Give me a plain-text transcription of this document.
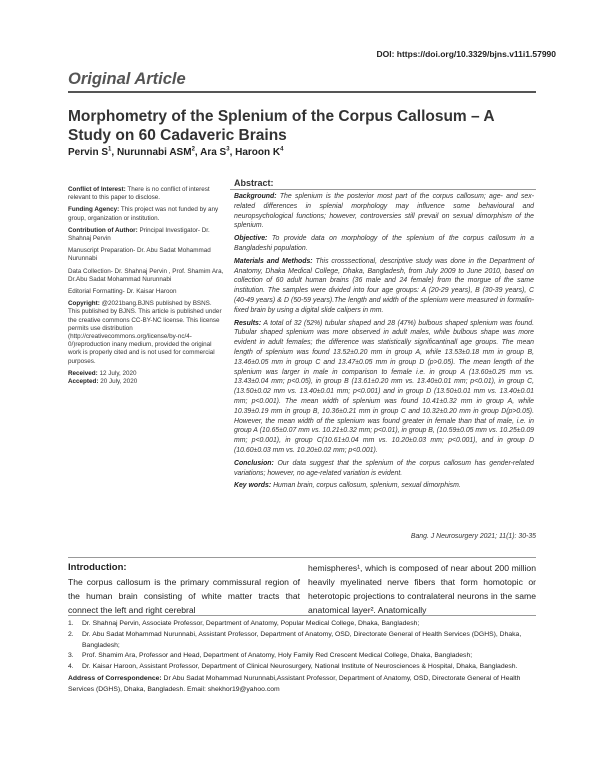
DOI: https://doi.org/10.3329/bjns.v11i1.57990
Original Article
Morphometry of the Splenium of the Corpus Callosum – A Study on 60 Cadaveric Brains
Pervin $S^1$, Nurunnabi ASM$^2$, Ara $S^3$, Haroon $K^4$

Conflict of Interest: There is no conflict of interest relevant to this paper to disclose.

Funding Agency: This project was not funded by any group, organization or institution.

Contribution of Author: Principal Investigator- Dr. Shahnaj Pervin

Manuscript Preparation- Dr. Abu Sadat Mohammad Nurunnabi

Data Collection- Dr. Shahnaj Pervin , Prof. Shamim Ara, Dr.Abu Sadat Mohammad Nurunnabi

Editorial Formatting- Dr. Kaisar Haroon

Copyright: @2021bang.BJNS published by BSNS. This published by BJNS. This article is published under the creative commons CC-BY-NC license. This license permits use distribution (http://creativecommons.org/license/by-nc/4-0/)reproduction inany medium, provided the original work is properly cited and is not used for commercial purposes.

Received: 12 July, 2020

Accepted: 20 July, 2020

Abstract:

Background: The splenium is the posterior most part of the corpus callosum; age- and sex-related differences in splenial morphology may influence some behavioural and neuropsychological functions; however, controversies still prevail on sexual dimorphism of the splenium.

Objective: To provide data on morphology of the splenium of the corpus callosum in a Bangladeshi population.

Materials and Methods: This crosssectional, descriptive study was done in the Department of Anatomy, Dhaka Medical College, Dhaka, Bangladesh, from July 2009 to June 2010, based on collection of 60 adult human brains (36 male and 24 female) from the morgue of the same institution. The samples were divided into four age groups: A (20-29 years), B (30-39 years), C (40-49 years) & D (50-59 years).The length and width of the splenium were measured in formalin-fixed brain by using a digital slide calipers in mm.

Results: A total of 32 (52%) tubular shaped and 28 (47%) bulbous shaped splenium was found. Tubular shaped splenium was more observed in adult males, while bulbous shape was more evident in adult females; the difference was statistically significantinall age groups. The mean length of splenium was found 13.52±0.20 mm in group A, while 13.53±0.18 mm in group B, 13.46±0.05 mm in group C and 13.47±0.05 mm in group D (p>0.05). The mean length of the splenium was larger in male in comparison to female i.e. in group A (13.60±0.25 mm vs. 13.43±0.04 mm; p<0.05), in group B (13.61±0.20 mm vs. 13.40±0.01 mm; p<0.01), in group C, (13.50±0.02 mm vs. 13.40±0.01 mm; p<0.001) and in group D (13.50±0.01 mm vs. 13.40±0.01 mm; p<0.001). The mean width of splenium was found 10.41±0.32 mm in group A, while 10.39±0.19 mm in group B, 10.36±0.21 mm in group C and 10.32±0.20 mm in group D(p>0.05). However, the mean width of the splenium was found greater in female than that of male, i.e. in group A (10.65±0.07 mm vs. 10.21±0.32 mm; p<0.01), in group B, (10.59±0.05 mm vs. 10.25±0.09 mm; p<0.001), in group C(10.61±0.04 mm vs. 10.20±0.03 mm; p<0.001), and in group D (10.60±0.03 mm vs. 10.20±0.02 mm; p<0.001).

Conclusion: Our data suggest that the splenium of the corpus callosum has gender-related variations; however, no age-related variation is evident.

Key words: Human brain, corpus callosum, splenium, sexual dimorphism.

Bang. J Neurosurgery 2021; 11(1): 30-35
Introduction:
The corpus callosum is the primary commissural region of the human brain consisting of white matter tracts that connect the left and right cerebral
hemispheres¹, which is composed of near about 200 million heavily myelinated nerve fibers that form homotopic or heterotopic projections to contralateral neurons in the same anatomical layer². Anatomically
1.	Dr. Shahnaj Pervin, Associate Professor, Department of Anatomy, Popular Medical College, Dhaka, Bangladesh;
2.	Dr. Abu Sadat Mohammad Nurunnabi, Assistant Professor, Department of Anatomy, OSD, Directorate General of Health Services (DGHS), Dhaka, Bangladesh;
3.	Prof. Shamim Ara, Professor and Head, Department of Anatomy, Holy Family Red Crescent Medical College, Dhaka, Bangladesh;
4.	Dr. Kaisar Haroon, Assistant Professor, Department of Clinical Neurosurgery, National Institute of Neurosciences & Hospital, Dhaka, Bangladesh.
Address of Correspondence: Dr Abu Sadat Mohammad Nurunnabi,Assistant Professor, Department of Anatomy, OSD, Directorate General of Health Services (DGHS), Dhaka, Bangladesh. Email: shekhor19@yahoo.com
